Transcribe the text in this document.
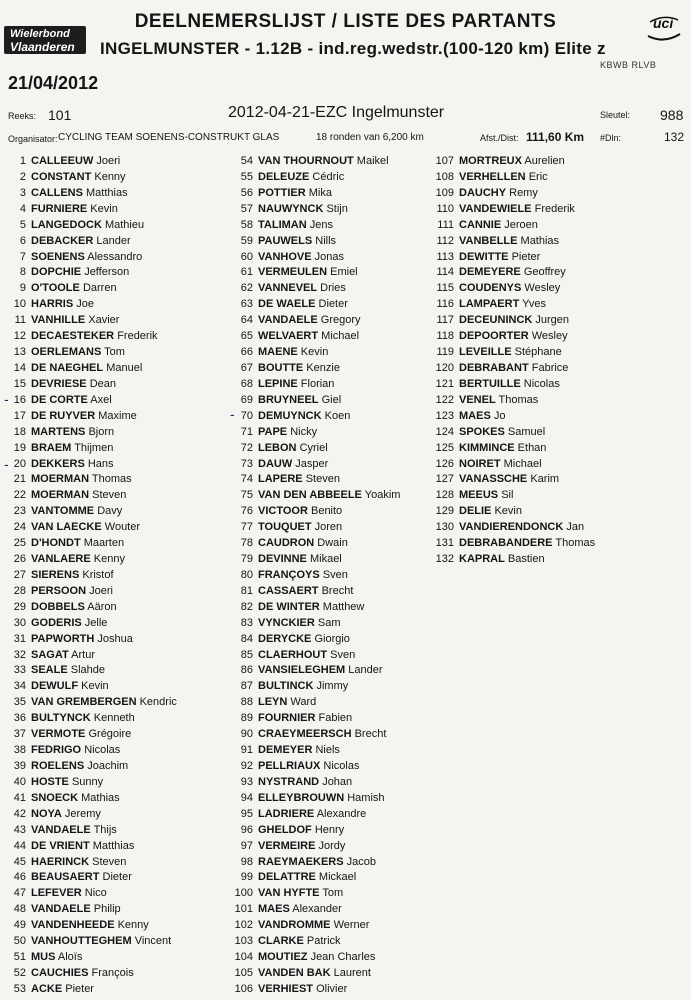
Wielerbond
Vlaanderen
uci
KBWB RLVB
DEELNEMERSLIJST / LISTE DES PARTANTS
INGELMUNSTER - 1.12B - ind.reg.wedstr.(100-120 km) Elite z
21/04/2012
Reeks: 101	2012-04-21-EZC Ingelmunster	Sleutel: 988
Organisator: CYCLING TEAM SOENENS-CONSTRUKT GLAS	18 ronden van 6,200 km	Afst./Dist: 111,60 Km #Dln:	132
-
-
-
1 CALLEEUW Joeri
2 CONSTANT Kenny
3 CALLENS Matthias
4 FURNIERE Kevin
5 LANGEDOCK Mathieu
6 DEBACKER Lander
7 SOENENS Alessandro
8 DOPCHIE Jefferson
9 O'TOOLE Darren
10 HARRIS Joe
11 VANHILLE Xavier
12 DECAESTEKER Frederik
13 OERLEMANS Tom
14 DE NAEGHEL Manuel
15 DEVRIESE Dean
16 DE CORTE Axel
17 DE RUYVER Maxime
18 MARTENS Bjorn
19 BRAEM Thijmen
20 DEKKERS Hans
21 MOERMAN Thomas
22 MOERMAN Steven
23 VANTOMME Davy
24 VAN LAECKE Wouter
25 D'HONDT Maarten
26 VANLAERE Kenny
27 SIERENS Kristof
28 PERSOON Joeri
29 DOBBELS Aäron
30 GODERIS Jelle
31 PAPWORTH Joshua
32 SAGAT Artur
33 SEALE Slahde
34 DEWULF Kevin
35 VAN GREMBERGEN Kendric
36 BULTYNCK Kenneth
37 VERMOTE Grégoire
38 FEDRIGO Nicolas
39 ROELENS Joachim
40 HOSTE Sunny
41 SNOECK Mathias
42 NOYA Jeremy
43 VANDAELE Thijs
44 DE VRIENT Matthias
45 HAERINCK Steven
46 BEAUSAERT Dieter
47 LEFEVER Nico
48 VANDAELE Philip
49 VANDENHEEDE Kenny
50 VANHOUTTEGHEM Vincent
51 MUS Aloïs
52 CAUCHIES François
53 ACKE Pieter
54 VAN THOURNOUT Maikel
55 DELEUZE Cédric
56 POTTIER Mika
57 NAUWYNCK Stijn
58 TALIMAN Jens
59 PAUWELS Nills
60 VANHOVE Jonas
61 VERMEULEN Emiel
62 VANNEVEL Dries
63 DE WAELE Dieter
64 VANDAELE Gregory
65 WELVAERT Michael
66 MAENE Kevin
67 BOUTTE Kenzie
68 LEPINE Florian
69 BRUYNEEL Giel
70 DEMUYNCK Koen
71 PAPE Nicky
72 LEBON Cyriel
73 DAUW Jasper
74 LAPERE Steven
75 VAN DEN ABBEELE Yoakim
76 VICTOOR Benito
77 TOUQUET Joren
78 CAUDRON Dwain
79 DEVINNE Mikael
80 FRANÇOYS Sven
81 CASSAERT Brecht
82 DE WINTER Matthew
83 VYNCKIER Sam
84 DERYCKE Giorgio
85 CLAERHOUT Sven
86 VANSIELEGHEM Lander
87 BULTINCK Jimmy
88 LEYN Ward
89 FOURNIER Fabien
90 CRAEYMEERSCH Brecht
91 DEMEYER Niels
92 PELLRIAUX Nicolas
93 NYSTRAND Johan
94 ELLEYBROUWN Hamish
95 LADRIERE Alexandre
96 GHELDOF Henry
97 VERMEIRE Jordy
98 RAEYMAEKERS Jacob
99 DELATTRE Mickael
100 VAN HYFTE Tom
101 MAES Alexander
102 VANDROMME Werner
103 CLARKE Patrick
104 MOUTIEZ Jean Charles
105 VANDEN BAK Laurent
106 VERHIEST Olivier
107 MORTREUX Aurelien
108 VERHELLEN Eric
109 DAUCHY Remy
110 VANDEWIELE Frederik
111 CANNIE Jeroen
112 VANBELLE Mathias
113 DEWITTE Pieter
114 DEMEYERE Geoffrey
115 COUDENYS Wesley
116 LAMPAERT Yves
117 DECEUNINCK Jurgen
118 DEPOORTER Wesley
119 LEVEILLE Stéphane
120 DEBRABANT Fabrice
121 BERTUILLE Nicolas
122 VENEL Thomas
123 MAES Jo
124 SPOKES Samuel
125 KIMMINCE Ethan
126 NOIRET Michael
127 VANASSCHE Karim
128 MEEUS Sil
129 DELIE Kevin
130 VANDIERENDONCK Jan
131 DEBRABANDERE Thomas
132 KAPRAL Bastien
